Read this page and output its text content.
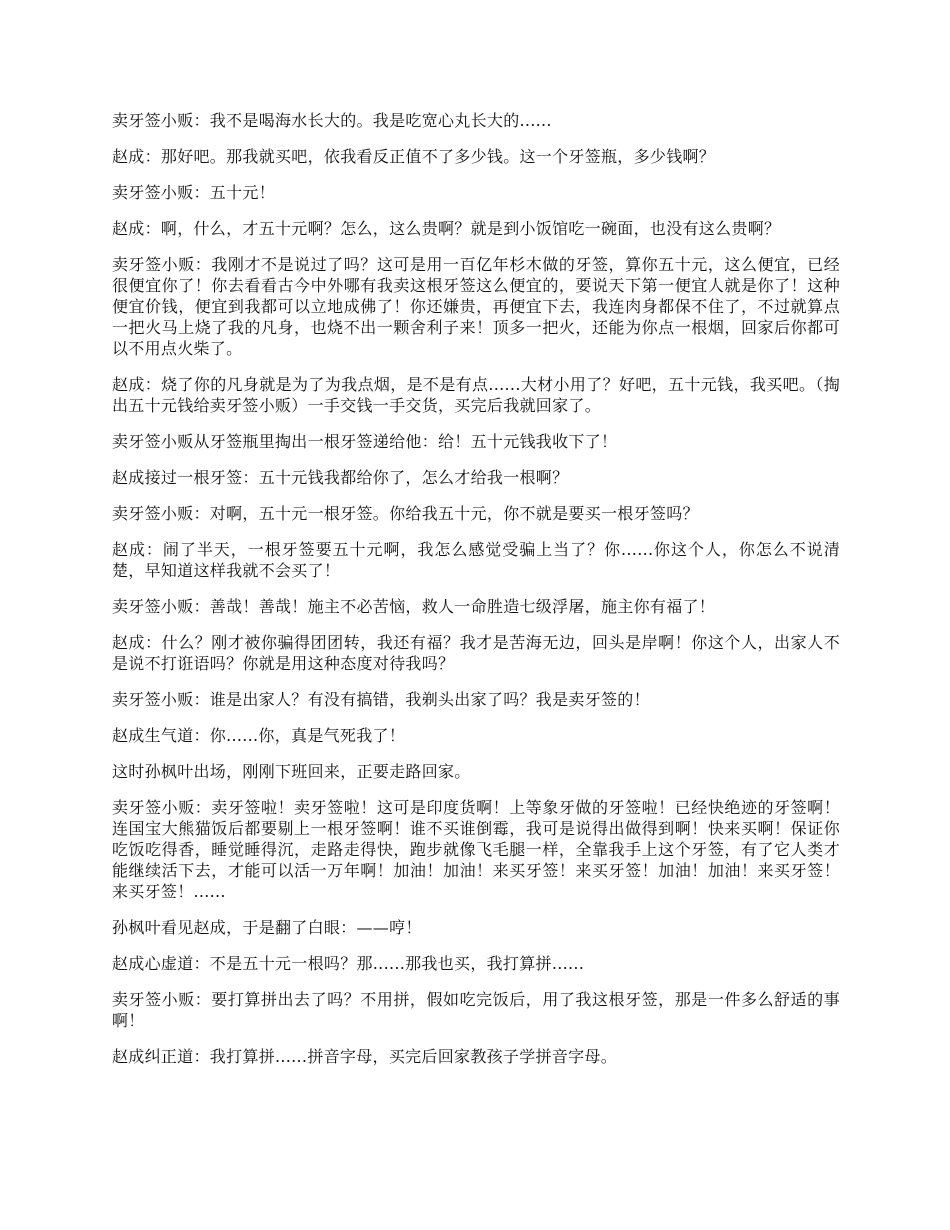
卖牙签小贩：我不是喝海水长大的。我是吃宽心丸长大的......

赵成：那好吧。那我就买吧，依我看反正值不了多少钱。这一个牙签瓶，多少钱啊？

卖牙签小贩：五十元！

赵成：啊，什么，才五十元啊？怎么，这么贵啊？就是到小饭馆吃一碗面，也没有这么贵啊？

卖牙签小贩：我刚才不是说过了吗？这可是用一百亿年杉木做的牙签，算你五十元，这么便宜，已经很便宜你了！你去看看古今中外哪有我卖这根牙签这么便宜的，要说天下第一便宜人就是你了！这种便宜价钱，便宜到我都可以立地成佛了！你还嫌贵，再便宜下去，我连肉身都保不住了，不过就算点一把火马上烧了我的凡身，也烧不出一颗舍利子来！顶多一把火，还能为你点一根烟，回家后你都可以不用点火柴了。

赵成：烧了你的凡身就是为了为我点烟，是不是有点......大材小用了？好吧，五十元钱，我买吧。（掏出五十元钱给卖牙签小贩）一手交钱一手交货，买完后我就回家了。

卖牙签小贩从牙签瓶里掏出一根牙签递给他：给！五十元钱我收下了！

赵成接过一根牙签：五十元钱我都给你了，怎么才给我一根啊？

卖牙签小贩：对啊，五十元一根牙签。你给我五十元，你不就是要买一根牙签吗？

赵成：闹了半天，一根牙签要五十元啊，我怎么感觉受骗上当了？你......你这个人，你怎么不说清楚，早知道这样我就不会买了！

卖牙签小贩：善哉！善哉！施主不必苦恼，救人一命胜造七级浮屠，施主你有福了！

赵成：什么？刚才被你骗得团团转，我还有福？我才是苦海无边，回头是岸啊！你这个人，出家人不是说不打诳语吗？你就是用这种态度对待我吗？

卖牙签小贩：谁是出家人？有没有搞错，我剃头出家了吗？我是卖牙签的！

赵成生气道：你......你，真是气死我了！

这时孙枫叶出场，刚刚下班回来，正要走路回家。

卖牙签小贩：卖牙签啦！卖牙签啦！这可是印度货啊！上等象牙做的牙签啦！已经快绝迹的牙签啊！连国宝大熊猫饭后都要剔上一根牙签啊！谁不买谁倒霉，我可是说得出做得到啊！快来买啊！保证你吃饭吃得香，睡觉睡得沉，走路走得快，跑步就像飞毛腿一样，全靠我手上这个牙签，有了它人类才能继续活下去，才能可以活一万年啊！加油！加油！来买牙签！来买牙签！加油！加油！来买牙签！来买牙签！......

孙枫叶看见赵成，于是翻了白眼：——哼！

赵成心虚道：不是五十元一根吗？那......那我也买，我打算拼......

卖牙签小贩：要打算拼出去了吗？不用拼，假如吃完饭后，用了我这根牙签，那是一件多么舒适的事啊！

赵成纠正道：我打算拼......拼音字母，买完后回家教孩子学拼音字母。
